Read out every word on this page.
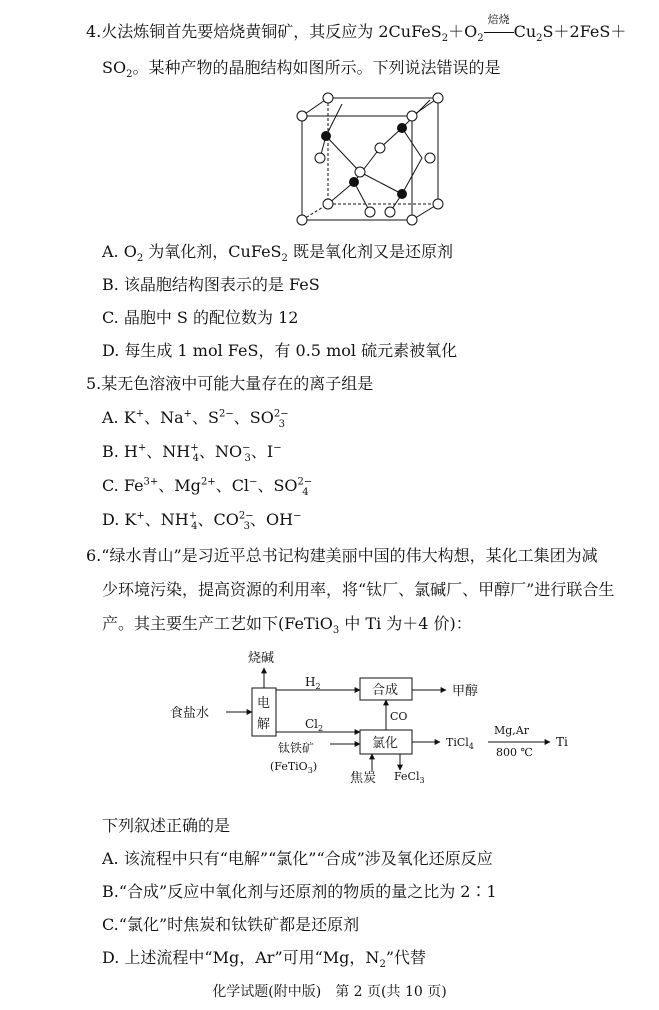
4.火法炼铜首先要焙烧黄铜矿，其反应为 $2CuFeS_2+O_2$
焙烧
$Cu_2S+2FeS+$
$SO_2$。某种产物的晶胞结构如图所示。下列说法错误的是
A. $O_2$ 为氧化剂，CuFeS$_2$ 既是氧化剂又是还原剂
B. 该晶胞结构图表示的是 FeS
C. 晶胞中 S 的配位数为 12
D. 每生成 1 mol FeS，有 0.5 mol 硫元素被氧化
5.某无色溶液中可能大量存在的离子组是
A. K+、Na+、$S^{2-}$、$SO^{2-}_3$
B. H+、$NH^+_4$、$NO^-_3$、I−
C. $Fe^{3+}$、$Mg^{2+}$、Cl−、$SO^{2-}_4$
D. K+、$NH^+_4$、$CO^{2-}_3$、OH−
6.“绿水青山”是习近平总书记构建美丽中国的伟大构想，某化工集团为减
少环境污染，提高资源的利用率，将“钛厂、氯碱厂、甲醇厂”进行联合生
产。其主要生产工艺如下(FeTiO$_3$ 中 Ti 为＋4 价)：
烧碱
食盐水
电
解
$H_2$
$Cl_2$
合成	甲醇
CO
氯化
钛铁矿
(FeTiO$_3$)
焦炭 FeCl$_3$
TiCl$_4$
Mg,Ar
800 ℃
Ti
下列叙述正确的是
A. 该流程中只有“电解”“氯化”“合成”涉及氧化还原反应
B.“合成”反应中氧化剂与还原剂的物质的量之比为 2∶1
C.“氯化”时焦炭和钛铁矿都是还原剂
D. 上述流程中“Mg，Ar”可用“Mg，$N_2$”代替
化学试题(附中版)　第 2 页(共 10 页)
